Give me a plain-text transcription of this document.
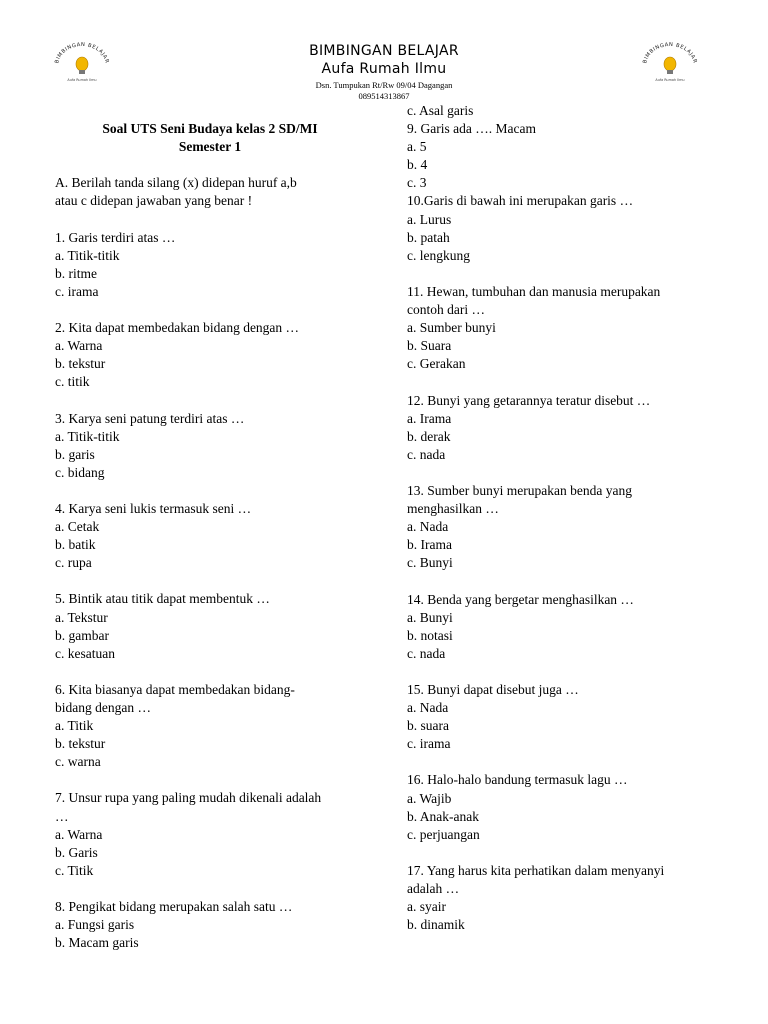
BIMBINGAN BELAJAR
Aufa Rumah Ilmu
BIMBINGAN BELAJAR
Aufa Rumah Ilmu
BIMBINGAN BELAJAR
Aufa Rumah Ilmu
Dsn. Tumpukan Rt/Rw 09/04 Dagangan
089514313867
Soal UTS Seni Budaya kelas 2 SD/MI
Semester 1
A. Berilah tanda silang (x) didepan huruf a,b
atau c didepan jawaban yang benar !
1. Garis terdiri atas …
a. Titik-titik
b. ritme
c. irama
2. Kita dapat membedakan bidang dengan …
a. Warna
b. tekstur
c. titik
3. Karya seni patung terdiri atas …
a. Titik-titik
b. garis
c. bidang
4. Karya seni lukis termasuk seni …
a. Cetak
b. batik
c. rupa
5. Bintik atau titik dapat membentuk …
a. Tekstur
b. gambar
c. kesatuan
6. Kita biasanya dapat membedakan bidang-
bidang dengan …
a. Titik
b. tekstur
c. warna
7. Unsur rupa yang paling mudah dikenali adalah
…
a. Warna
b. Garis
c. Titik
8. Pengikat bidang merupakan salah satu …
a. Fungsi garis
b. Macam garis
c. Asal garis
9. Garis ada …. Macam
a. 5
b. 4
c. 3
10.Garis di bawah ini merupakan garis …
a. Lurus
b. patah
c. lengkung
11. Hewan, tumbuhan dan manusia merupakan
contoh dari …
a. Sumber bunyi
b. Suara
c. Gerakan
12. Bunyi yang getarannya teratur disebut …
a. Irama
b. derak
c. nada
13. Sumber bunyi merupakan benda yang
menghasilkan …
a. Nada
b. Irama
c. Bunyi
14. Benda yang bergetar menghasilkan …
a. Bunyi
b. notasi
c. nada
15. Bunyi dapat disebut juga …
a. Nada
b. suara
c. irama
16. Halo-halo bandung termasuk lagu …
a. Wajib
b. Anak-anak
c. perjuangan
17. Yang harus kita perhatikan dalam menyanyi
adalah …
a. syair
b. dinamik
